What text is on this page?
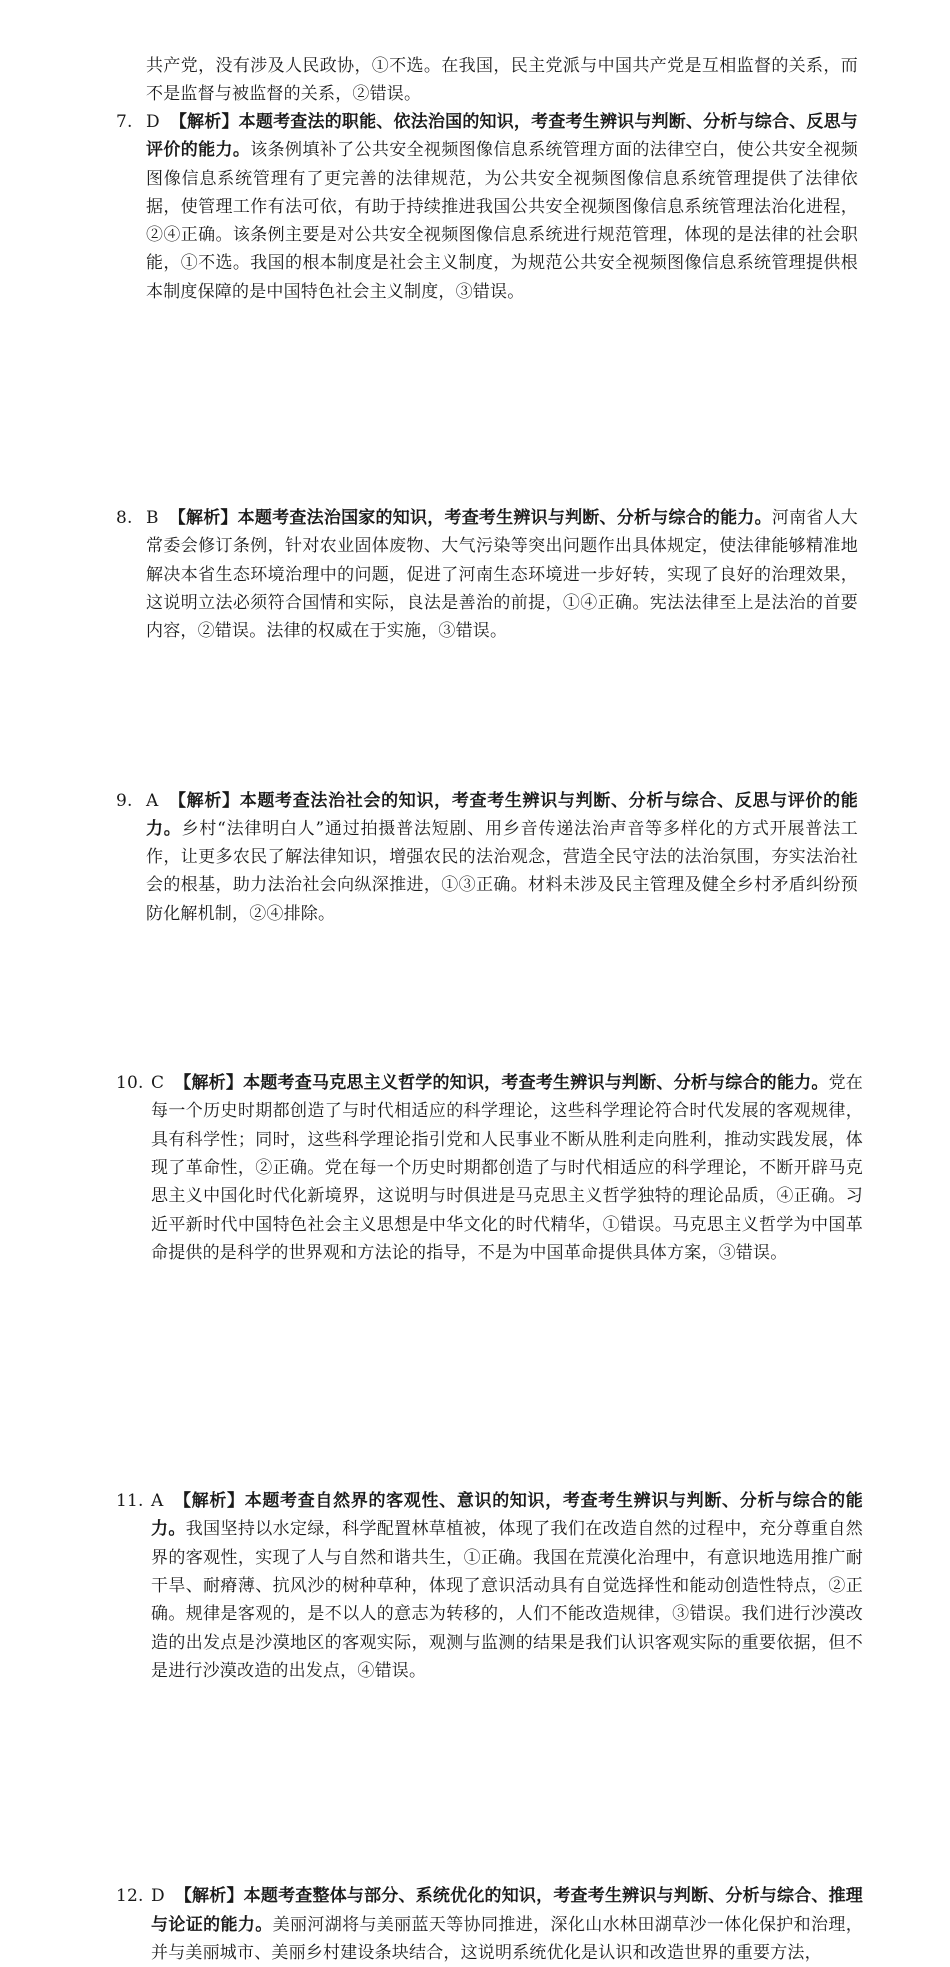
共产党，没有涉及人民政协，①不选。在我国，民主党派与中国共产党是互相监督的关系，而不是监督与被监督的关系，②错误。
7. D 【解析】本题考查法的职能、依法治国的知识，考查考生辨识与判断、分析与综合、反思与评价的能力。该条例填补了公共安全视频图像信息系统管理方面的法律空白，使公共安全视频图像信息系统管理有了更完善的法律规范，为公共安全视频图像信息系统管理提供了法律依据，使管理工作有法可依，有助于持续推进我国公共安全视频图像信息系统管理法治化进程，②④正确。该条例主要是对公共安全视频图像信息系统进行规范管理，体现的是法律的社会职能，①不选。我国的根本制度是社会主义制度，为规范公共安全视频图像信息系统管理提供根本制度保障的是中国特色社会主义制度，③错误。
8. B 【解析】本题考查法治国家的知识，考查考生辨识与判断、分析与综合的能力。河南省人大常委会修订条例，针对农业固体废物、大气污染等突出问题作出具体规定，使法律能够精准地解决本省生态环境治理中的问题，促进了河南生态环境进一步好转，实现了良好的治理效果，这说明立法必须符合国情和实际，良法是善治的前提，①④正确。宪法法律至上是法治的首要内容，②错误。法律的权威在于实施，③错误。
9. A 【解析】本题考查法治社会的知识，考查考生辨识与判断、分析与综合、反思与评价的能力。乡村“法律明白人”通过拍摄普法短剧、用乡音传递法治声音等多样化的方式开展普法工作，让更多农民了解法律知识，增强农民的法治观念，营造全民守法的法治氛围，夯实法治社会的根基，助力法治社会向纵深推进，①③正确。材料未涉及民主管理及健全乡村矛盾纠纷预防化解机制，②④排除。
10. C 【解析】本题考查马克思主义哲学的知识，考查考生辨识与判断、分析与综合的能力。党在每一个历史时期都创造了与时代相适应的科学理论，这些科学理论符合时代发展的客观规律，具有科学性；同时，这些科学理论指引党和人民事业不断从胜利走向胜利，推动实践发展，体现了革命性，②正确。党在每一个历史时期都创造了与时代相适应的科学理论，不断开辟马克思主义中国化时代化新境界，这说明与时俱进是马克思主义哲学独特的理论品质，④正确。习近平新时代中国特色社会主义思想是中华文化的时代精华，①错误。马克思主义哲学为中国革命提供的是科学的世界观和方法论的指导，不是为中国革命提供具体方案，③错误。
11. A 【解析】本题考查自然界的客观性、意识的知识，考查考生辨识与判断、分析与综合的能力。我国坚持以水定绿，科学配置林草植被，体现了我们在改造自然的过程中，充分尊重自然界的客观性，实现了人与自然和谐共生，①正确。我国在荒漠化治理中，有意识地选用推广耐干旱、耐瘠薄、抗风沙的树种草种，体现了意识活动具有自觉选择性和能动创造性特点，②正确。规律是客观的，是不以人的意志为转移的，人们不能改造规律，③错误。我们进行沙漠改造的出发点是沙漠地区的客观实际，观测与监测的结果是我们认识客观实际的重要依据，但不是进行沙漠改造的出发点，④错误。
12. D 【解析】本题考查整体与部分、系统优化的知识，考查考生辨识与判断、分析与综合、推理与论证的能力。美丽河湖将与美丽蓝天等协同推进，深化山水林田湖草沙一体化保护和治理，并与美丽城市、美丽乡村建设条块结合，这说明系统优化是认识和改造世界的重要方法，
